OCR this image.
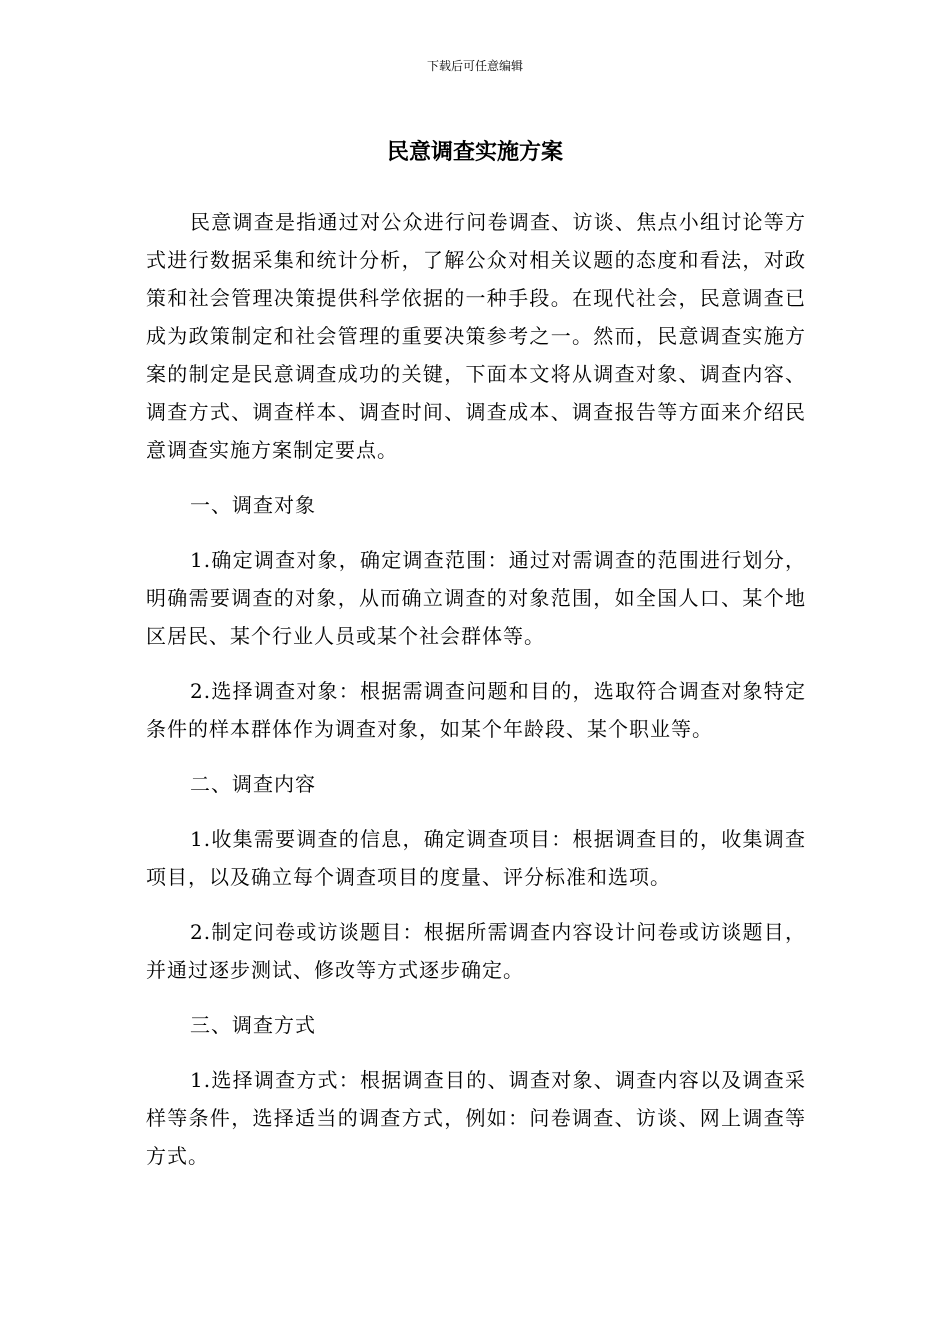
下载后可任意编辑
民意调查实施方案

民意调查是指通过对公众进行问卷调查、访谈、焦点小组讨论等方式进行数据采集和统计分析，了解公众对相关议题的态度和看法，对政策和社会管理决策提供科学依据的一种手段。在现代社会，民意调查已成为政策制定和社会管理的重要决策参考之一。然而，民意调查实施方案的制定是民意调查成功的关键，下面本文将从调查对象、调查内容、调查方式、调查样本、调查时间、调查成本、调查报告等方面来介绍民意调查实施方案制定要点。

一、调查对象

1.确定调查对象，确定调查范围：通过对需调查的范围进行划分，明确需要调查的对象，从而确立调查的对象范围，如全国人口、某个地区居民、某个行业人员或某个社会群体等。

2.选择调查对象：根据需调查问题和目的，选取符合调查对象特定条件的样本群体作为调查对象，如某个年龄段、某个职业等。

二、调查内容

1.收集需要调查的信息，确定调查项目：根据调查目的，收集调查项目，以及确立每个调查项目的度量、评分标准和选项。

2.制定问卷或访谈题目：根据所需调查内容设计问卷或访谈题目，并通过逐步测试、修改等方式逐步确定。

三、调查方式

1.选择调查方式：根据调查目的、调查对象、调查内容以及调查采样等条件，选择适当的调查方式，例如：问卷调查、访谈、网上调查等方式。
